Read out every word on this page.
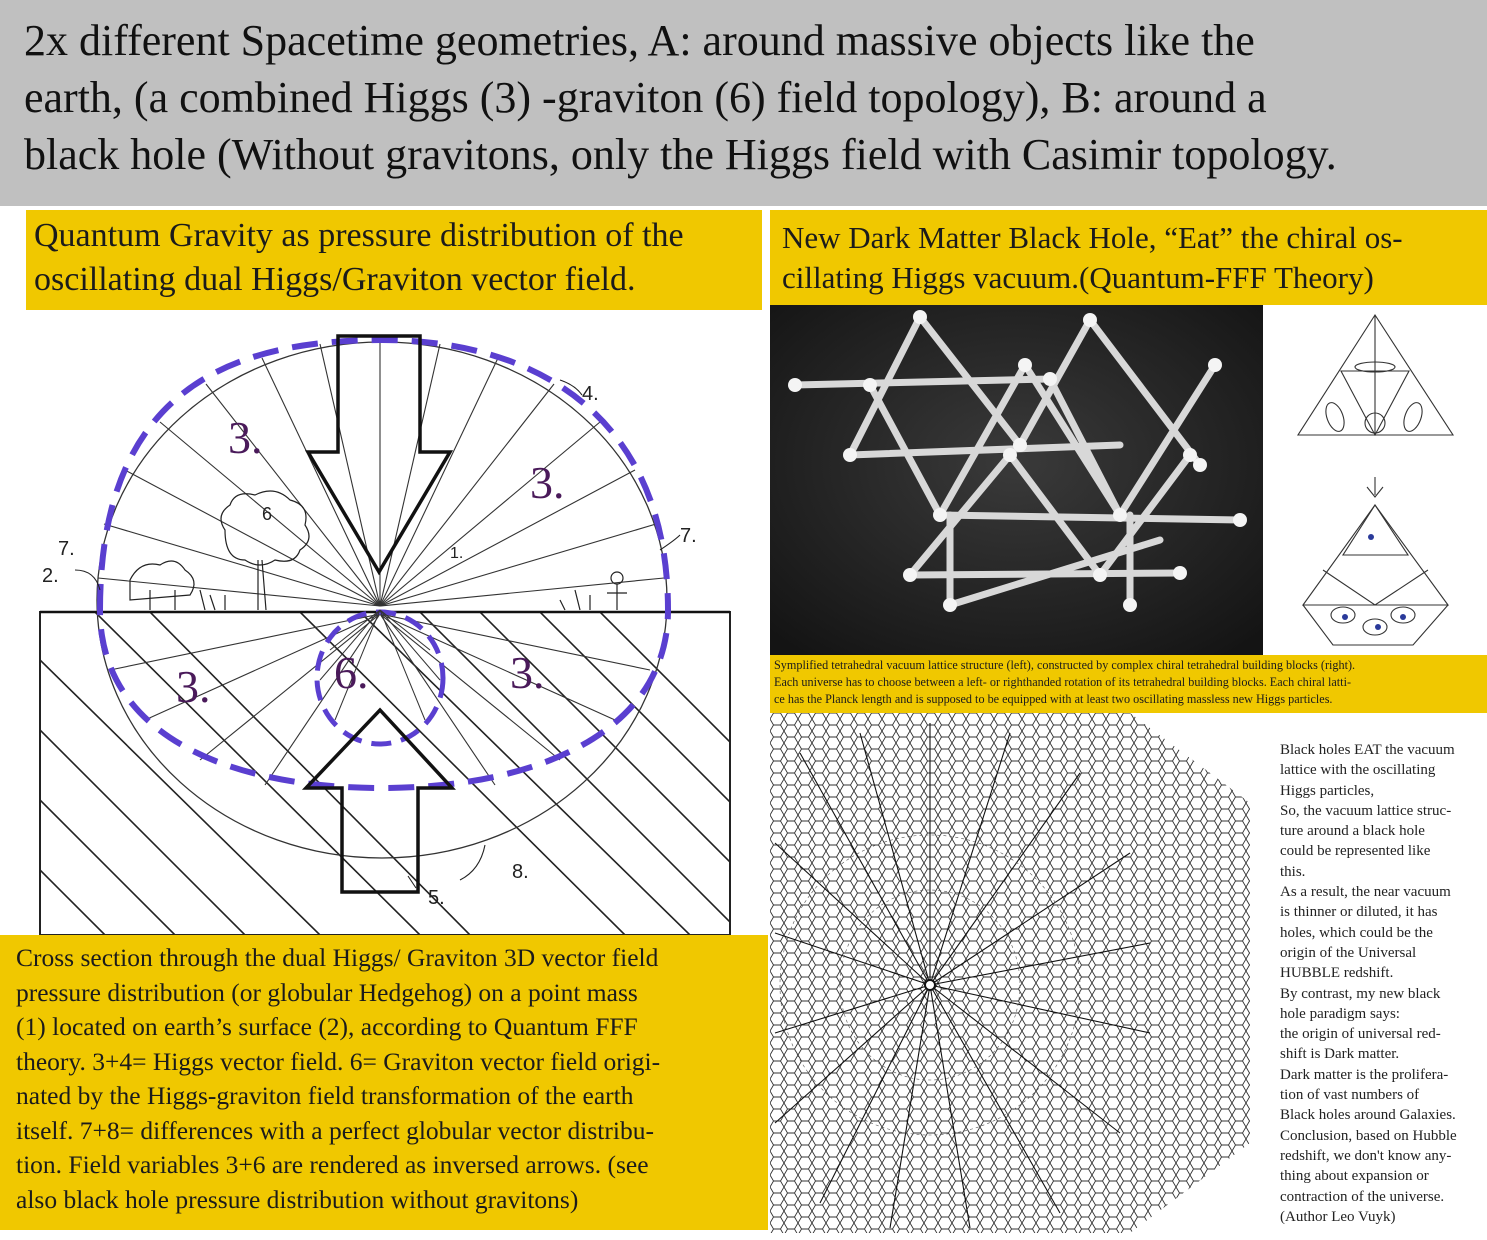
2x different Spacetime geometries, A: around massive objects like the
earth, (a combined Higgs (3) -graviton (6) field topology), B: around a
black hole (Without gravitons, only the Higgs field with Casimir topology.
Quantum Gravity as pressure distribution of the
oscillating dual Higgs/Graviton vector field.
New Dark Matter Black Hole, “Eat” the chiral os-
cillating Higgs vacuum.(Quantum-FFF Theory)
3.
3.
3.	3.
6.
1.
2.
7.
7.
4.
6
5.
8.
Cross section through the dual Higgs/ Graviton 3D vector field
pressure distribution (or globular Hedgehog) on a point mass
(1) located on earth’s surface (2), according to Quantum FFF
theory. 3+4= Higgs vector field. 6= Graviton vector field origi-
nated by the Higgs-graviton field transformation of the earth
itself. 7+8= differences with a perfect globular vector distribu-
tion. Field variables 3+6 are rendered as inversed arrows. (see
also black hole pressure distribution without gravitons)
Symplified tetrahedral vacuum lattice structure (left), constructed by complex chiral tetrahedral building blocks (right).
Each universe has to choose between a left- or righthanded rotation of its tetrahedral building blocks. Each chiral latti-
ce has the Planck length and is supposed to be equipped with at least two oscillating massless new Higgs particles.
Black holes EAT the vacuum
lattice with the oscillating
Higgs particles,
So, the vacuum lattice struc-
ture around a black hole
could be represented like
this.
As a result, the near vacuum
is thinner or diluted, it has
holes, which could be the
origin of the Universal
HUBBLE redshift.
By contrast, my new black
hole paradigm says:
the origin of universal red-
shift is Dark matter.
Dark matter is the prolifera-
tion of vast numbers of
Black holes around Galaxies.
Conclusion, based on Hubble
redshift, we don't know any-
thing about expansion or
contraction of the universe.
(Author Leo Vuyk)
